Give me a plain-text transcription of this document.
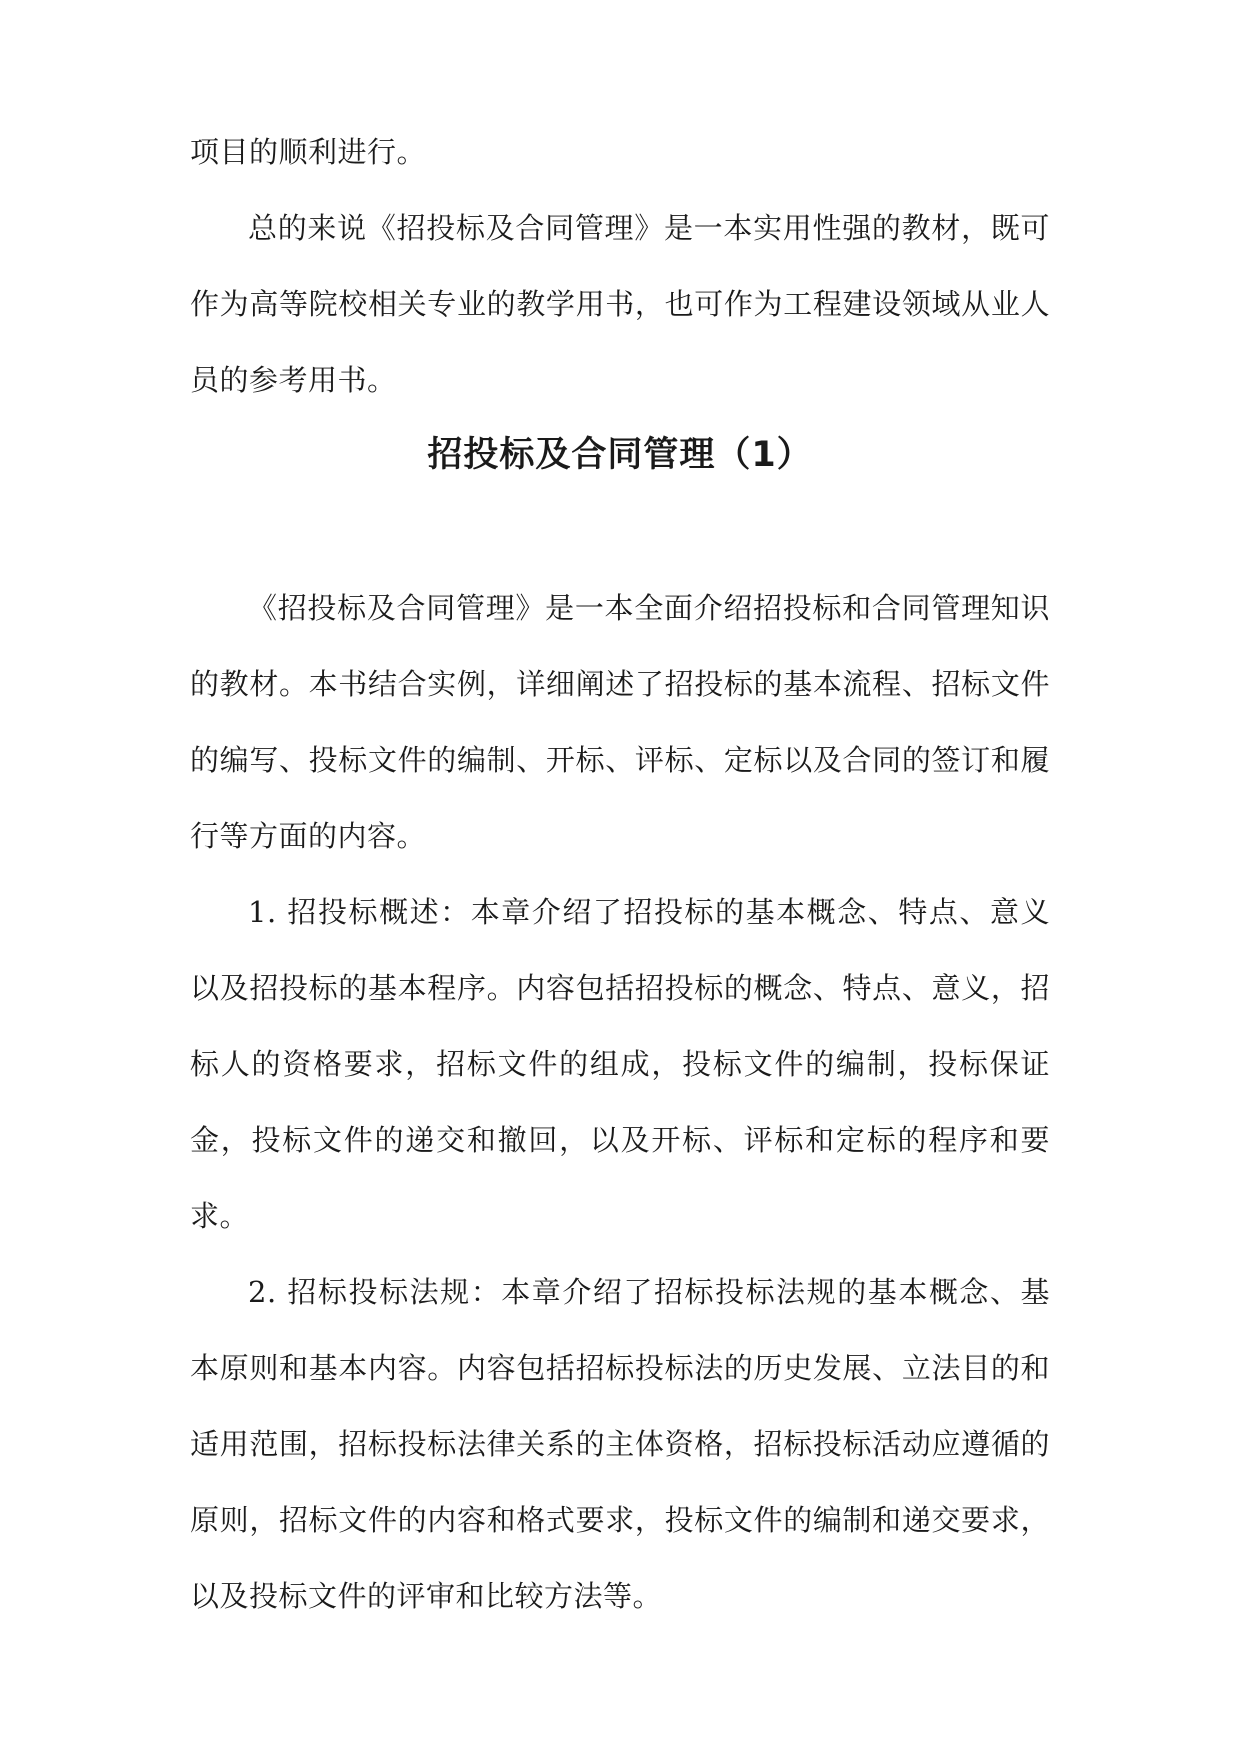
项目的顺利进行。

总的来说《招投标及合同管理》是一本实用性强的教材，既可作为高等院校相关专业的教学用书，也可作为工程建设领域从业人员的参考用书。

招投标及合同管理（1）

《招投标及合同管理》是一本全面介绍招投标和合同管理知识的教材。本书结合实例，详细阐述了招投标的基本流程、招标文件的编写、投标文件的编制、开标、评标、定标以及合同的签订和履行等方面的内容。

1. 招投标概述：本章介绍了招投标的基本概念、特点、意义以及招投标的基本程序。内容包括招投标的概念、特点、意义，招标人的资格要求，招标文件的组成，投标文件的编制，投标保证金，投标文件的递交和撤回，以及开标、评标和定标的程序和要求。

2. 招标投标法规：本章介绍了招标投标法规的基本概念、基本原则和基本内容。内容包括招标投标法的历史发展、立法目的和适用范围，招标投标法律关系的主体资格，招标投标活动应遵循的原则，招标文件的内容和格式要求，投标文件的编制和递交要求，以及投标文件的评审和比较方法等。
